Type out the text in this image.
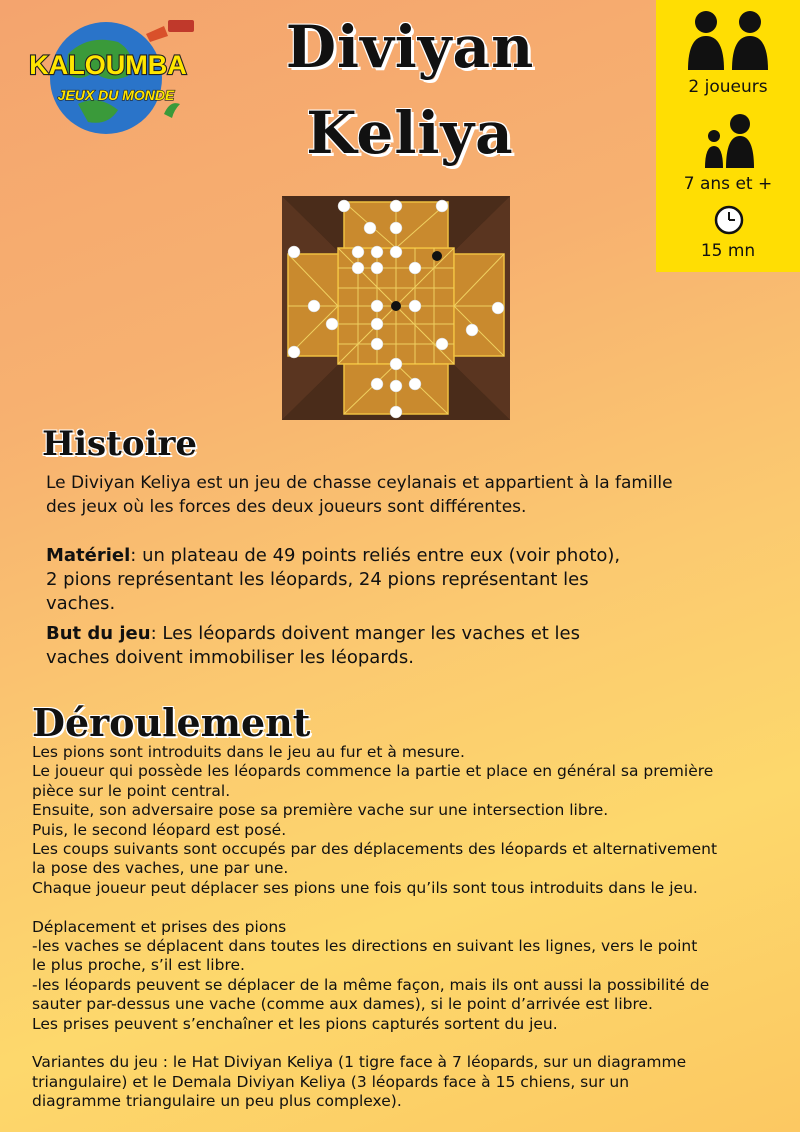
KALOUMBA
JEUX DU MONDE
Diviyan
Keliya
2 joueurs
7 ans et +
15 mn
Histoire

Le Diviyan Keliya est un jeu de chasse ceylanais et appartient à la famille

des jeux où les forces des deux joueurs sont différentes.

Matériel: un plateau de 49 points reliés entre eux (voir photo),

2 pions représentant les léopards, 24 pions représentant les

vaches.

But du jeu: Les léopards doivent manger les vaches et les

vaches doivent immobiliser les léopards.

Déroulement

Les pions sont introduits dans le jeu au fur et à mesure.

Le joueur qui possède les léopards commence la partie et place en général sa première

pièce sur le point central.

Ensuite, son adversaire pose sa première vache sur une intersection libre.

Puis, le second léopard est posé.

Les coups suivants sont occupés par des déplacements des léopards et alternativement

la pose des vaches, une par une.

Chaque joueur peut déplacer ses pions une fois qu’ils sont tous introduits dans le jeu.

Déplacement et prises des pions

-les vaches se déplacent dans toutes les directions en suivant les lignes, vers le point

le plus proche, s’il est libre.

-les léopards peuvent se déplacer de la même façon, mais ils ont aussi la possibilité de

sauter par-dessus une vache (comme aux dames), si le point d’arrivée est libre.

Les prises peuvent s’enchaîner et les pions capturés sortent du jeu.

Variantes du jeu : le Hat Diviyan Keliya (1 tigre face à 7 léopards, sur un diagramme

triangulaire) et le Demala Diviyan Keliya (3 léopards face à 15 chiens, sur un

diagramme triangulaire un peu plus complexe).
